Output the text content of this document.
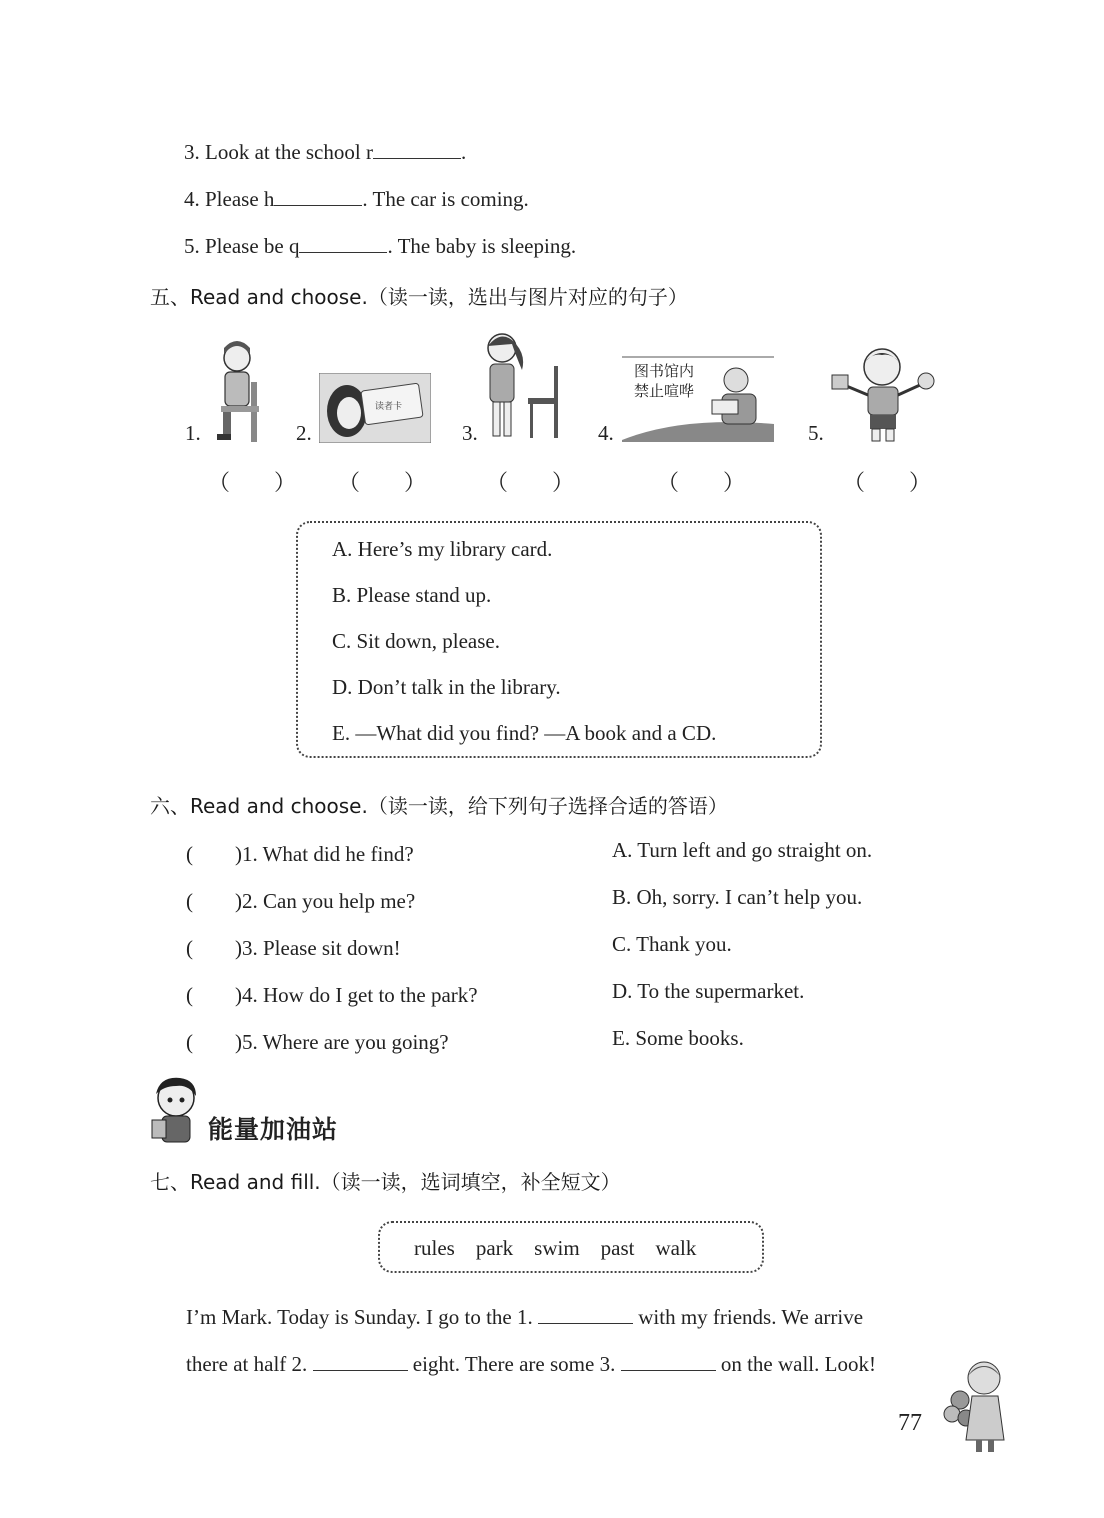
3. Look at the school r	.
4. Please h	. The car is coming.
5. Please be q	. The baby is sleeping.
五、Read and choose.（读一读，选出与图片对应的句子）
1.	2.
读者卡
3.	4.
图书馆内
禁止喧哗
5.
（　　） （　　）	（　　）	（　　）	（　　）
A. Here’s my library card.
B. Please stand up.
C. Sit down, please.
D. Don’t talk in the library.
E. —What did you find? —A book and a CD.
六、Read and choose.（读一读，给下列句子选择合适的答语）
(　　)1. What did he find?
(　　)2. Can you help me?
(　　)3. Please sit down!
(　　)4. How do I get to the park?
(　　)5. Where are you going?
A. Turn left and go straight on.
B. Oh, sorry. I can’t help you.
C. Thank you.
D. To the supermarket.
E. Some books.
能量加油站
七、Read and fill.（读一读，选词填空，补全短文）
rules park swim past walk
I’m Mark. Today is Sunday. I go to the 1.	with my friends. We arrive
there at half 2.	eight. There are some 3.	on the wall. Look!
77
